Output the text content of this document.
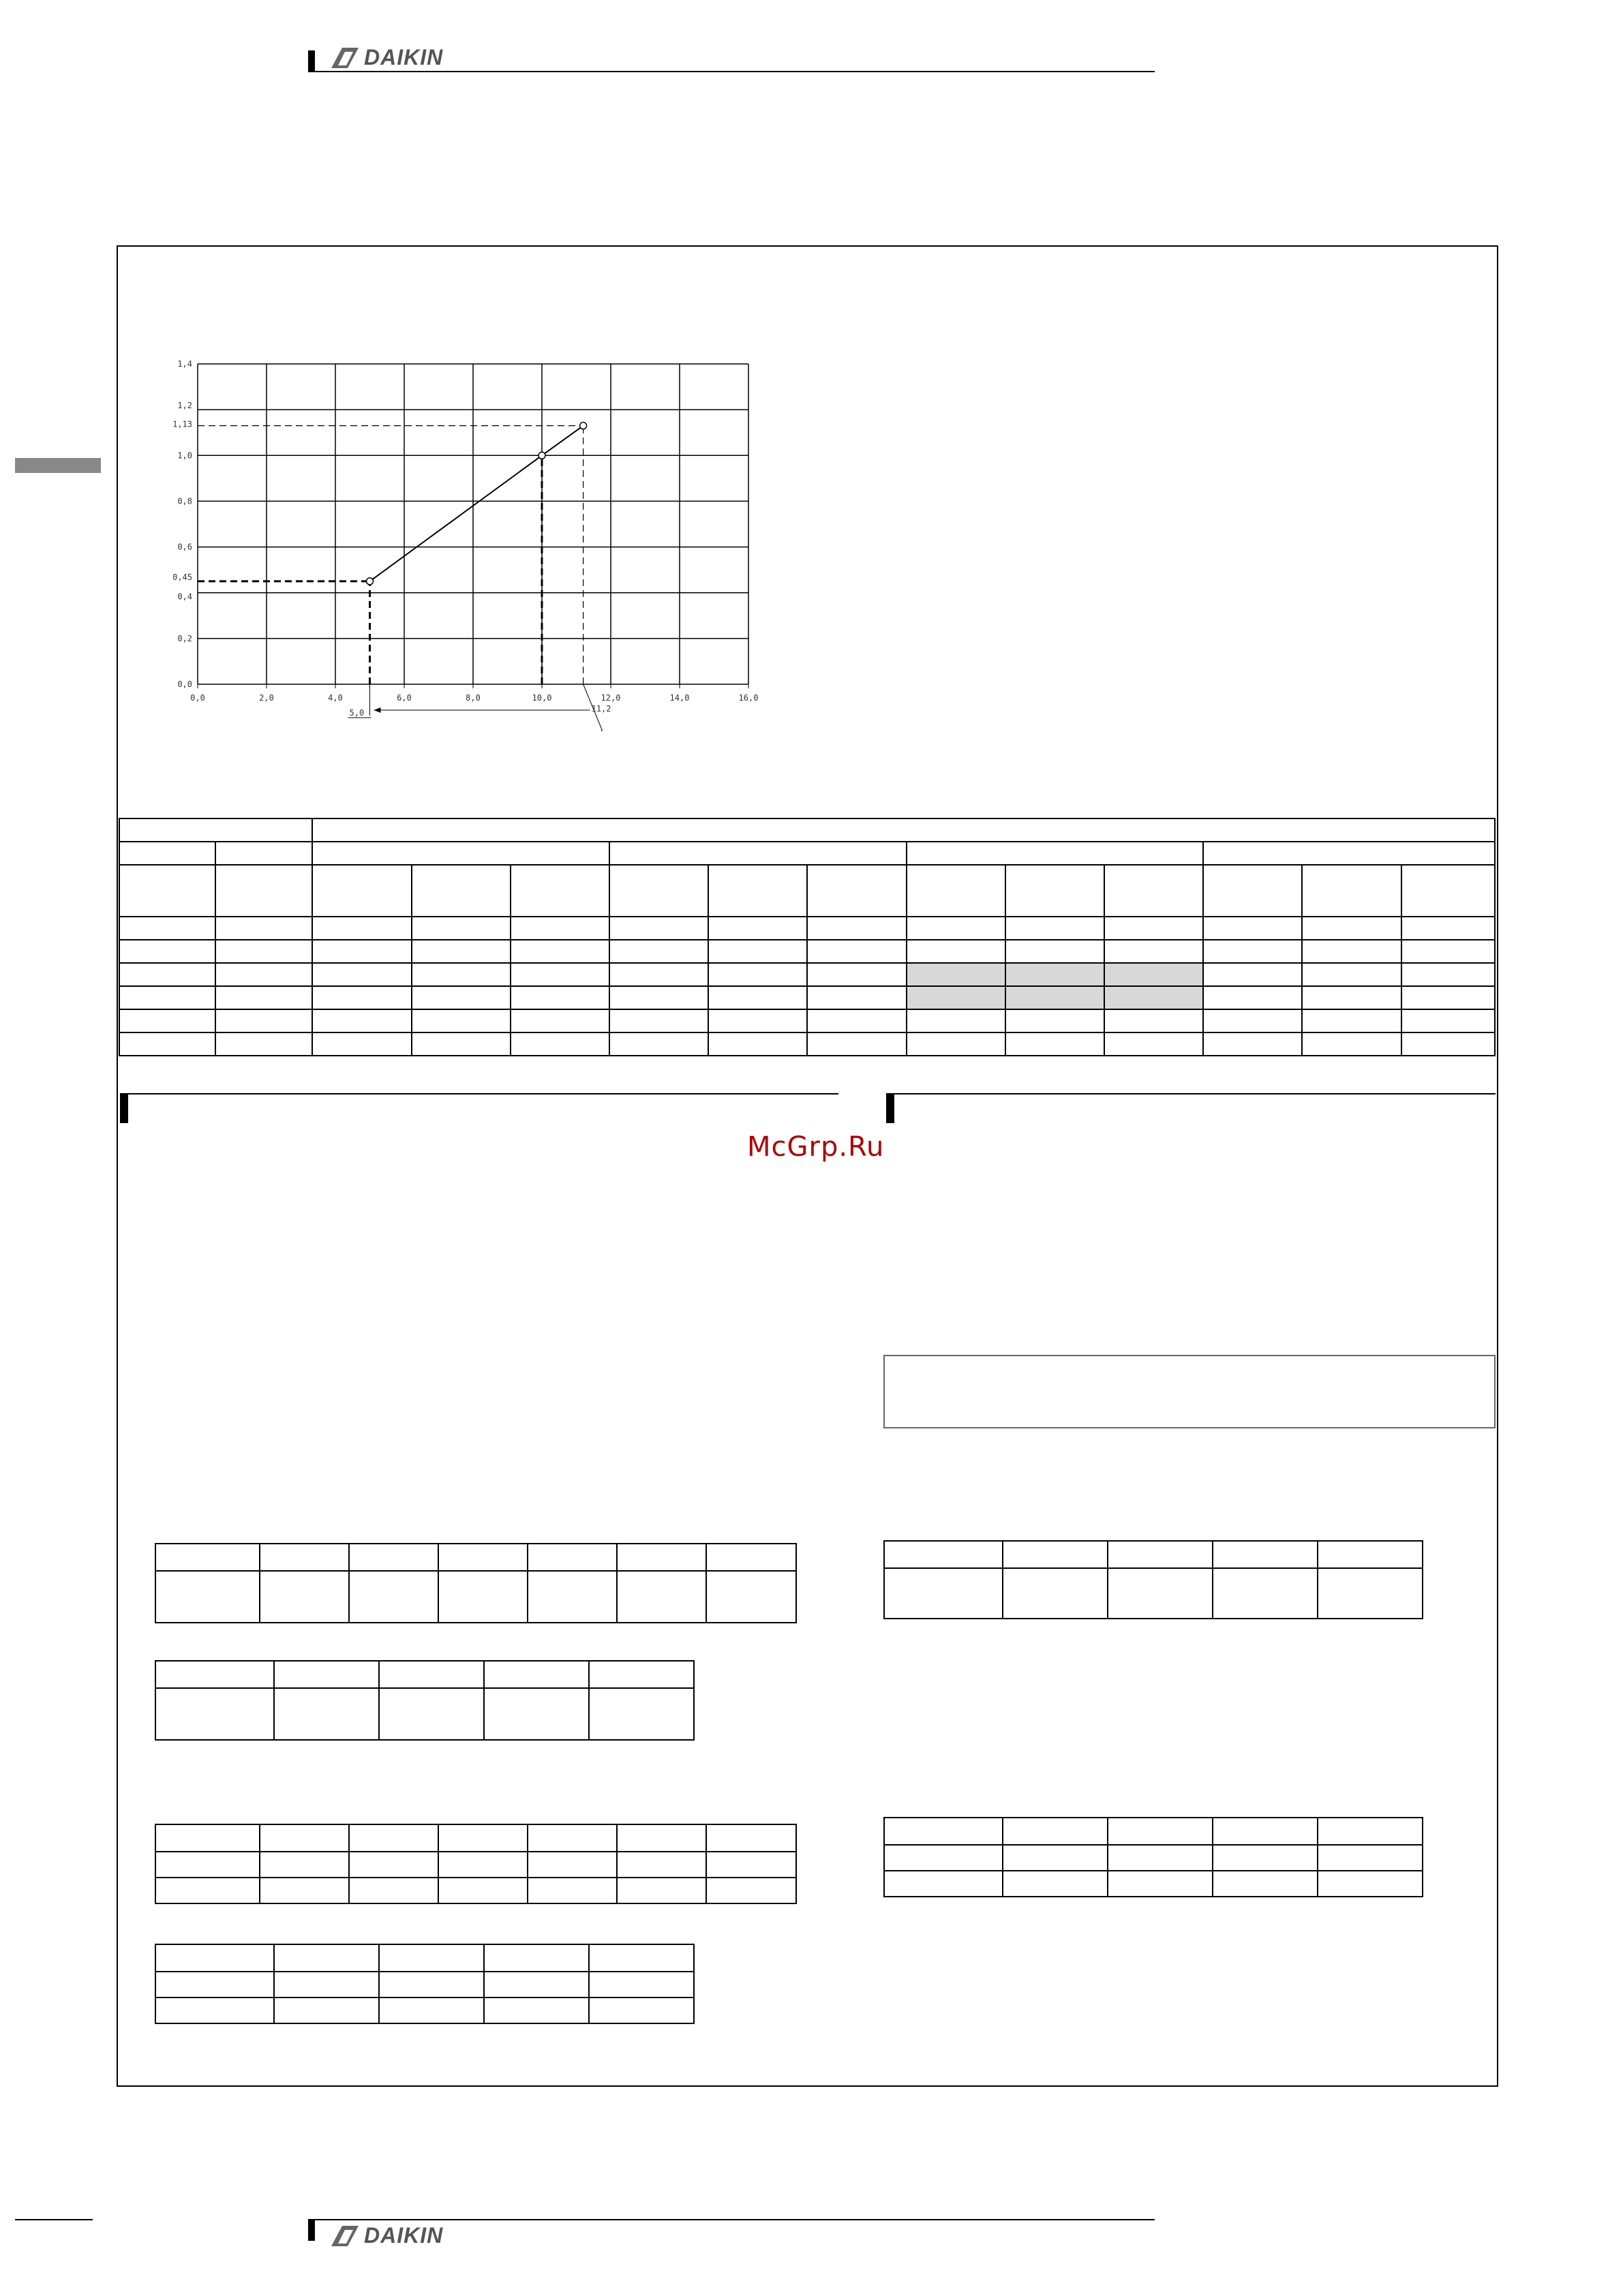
DAIKIN
0,0	2,0	4,0	6,0	8,0	10,0	12,0	14,0	16,0
0,0
0,2
0,4
0,45
0,6
0,8
1,0
1,13
1,2
1,4
5,0	11,2

McGrp.Ru

DAIKIN
